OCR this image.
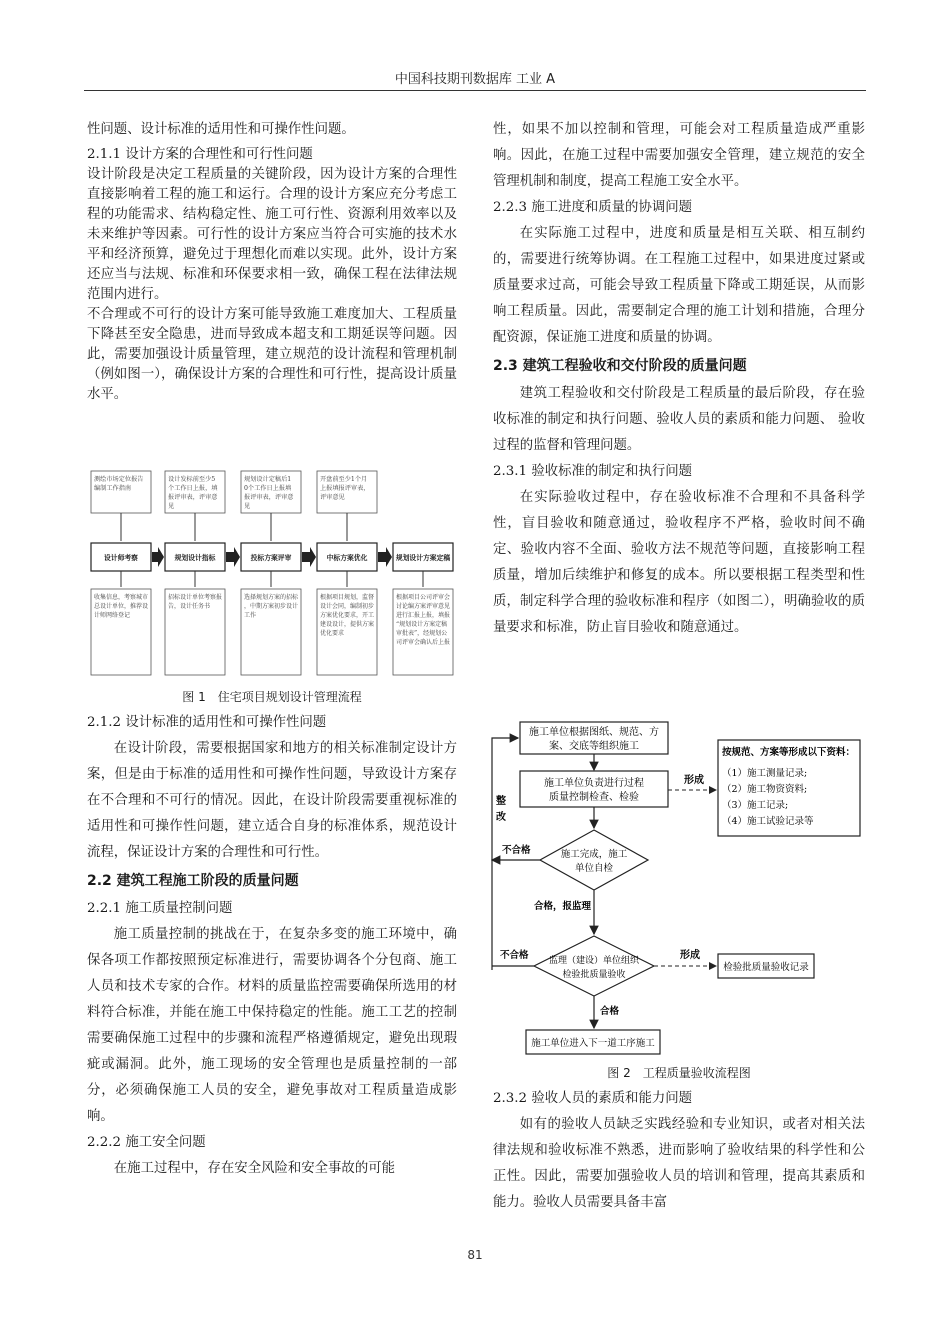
中国科技期刊数据库 工业 A

性问题、设计标准的适用性和可操作性问题。

2.1.1 设计方案的合理性和可行性问题

设计阶段是决定工程质量的关键阶段，因为设计方案的合理性直接影响着工程的施工和运行。合理的设计方案应充分考虑工程的功能需求、结构稳定性、施工可行性、资源利用效率以及未来维护等因素。可行性的设计方案应当符合可实施的技术水平和经济预算，避免过于理想化而难以实现。此外，设计方案还应当与法规、标准和环保要求相一致，确保工程在法律法规范围内进行。

不合理或不可行的设计方案可能导致施工难度加大、工程质量下降甚至安全隐患，进而导致成本超支和工期延误等问题。因此，需要加强设计质量管理，建立规范的设计流程和管理机制（例如图一），确保设计方案的合理性和可行性，提高设计质量水平。

测绘市场定位报告
编制工作指南
设计发标前至少5
个工作日上报，填
报评审表，评审意
见
规划设计定稿后1
0个工作日上报填
报评审表，评审意
见
开盘前至少1个月
上报填报评审表，
评审意见
设计师考察	规划设计指标	投标方案评审	中标方案优化	规划设计方案定稿
收集信息，考察城市
总设计单位，推荐设
计师网络登记
招标设计单位考察报
告，设计任务书
选择规划方案的招标
，中期方案初步设计
工作
根据项目规划，监督
设计会同，编制初步
方案优化要求，开工
建设设计，提供方案
优化要求
根据项目公司评审会
讨论编方案评审意见
进行汇报上报，填报
“规划设计方案定稿
审批表”，经规划公
司评审会确认后上报
图 1　住宅项目规划设计管理流程

2.1.2 设计标准的适用性和可操作性问题

在设计阶段，需要根据国家和地方的相关标准制定设计方案，但是由于标准的适用性和可操作性问题，导致设计方案存在不合理和不可行的情况。因此，在设计阶段需要重视标准的适用性和可操作性问题，建立适合自身的标准体系，规范设计流程，保证设计方案的合理性和可行性。

2.2 建筑工程施工阶段的质量问题

2.2.1 施工质量控制问题

施工质量控制的挑战在于，在复杂多变的施工环境中，确保各项工作都按照预定标准进行，需要协调各个分包商、施工人员和技术专家的合作。材料的质量监控需要确保所选用的材料符合标准，并能在施工中保持稳定的性能。施工工艺的控制需要确保施工过程中的步骤和流程严格遵循规定，避免出现瑕疵或漏洞。此外，施工现场的安全管理也是质量控制的一部分，必须确保施工人员的安全，避免事故对工程质量造成影响。

2.2.2 施工安全问题

在施工过程中，存在安全风险和安全事故的可能

性，如果不加以控制和管理，可能会对工程质量造成严重影响。因此，在施工过程中需要加强安全管理，建立规范的安全管理机制和制度，提高工程施工安全水平。

2.2.3 施工进度和质量的协调问题

在实际施工过程中，进度和质量是相互关联、相互制约的，需要进行统筹协调。在工程施工过程中，如果进度过紧或质量要求过高，可能会导致工程质量下降或工期延误，从而影响工程质量。因此，需要制定合理的施工计划和措施，合理分配资源，保证施工进度和质量的协调。

2.3 建筑工程验收和交付阶段的质量问题

建筑工程验收和交付阶段是工程质量的最后阶段，存在验收标准的制定和执行问题、验收人员的素质和能力问题、 验收过程的监督和管理问题。

2.3.1 验收标准的制定和执行问题

在实际验收过程中，存在验收标准不合理和不具备科学性，盲目验收和随意通过，验收程序不严格，验收时间不确定、验收内容不全面、验收方法不规范等问题，直接影响工程质量，增加后续维护和修复的成本。所以要根据工程类型和性质，制定科学合理的验收标准和程序（如图二），明确验收的质量要求和标准，防止盲目验收和随意通过。

施工单位根据图纸、规范、方
案、交底等组织施工
施工单位负责进行过程
质量控制检查、检验
形成
按规范、方案等形成以下资料：
（1）施工测量记录;
（2）施工物资资料;
（3）施工记录;
（4）施工试验记录等
施工完成，施工
单位自检
不合格
整
改
合格，报监理
监理（建设）单位组织
检验批质量验收
不合格	形成
检验批质量验收记录
合格
施工单位进入下一道工序施工
图 2　工程质量验收流程图

2.3.2 验收人员的素质和能力问题

如有的验收人员缺乏实践经验和专业知识，或者对相关法律法规和验收标准不熟悉，进而影响了验收结果的科学性和公正性。因此，需要加强验收人员的培训和管理，提高其素质和能力。验收人员需要具备丰富

81
